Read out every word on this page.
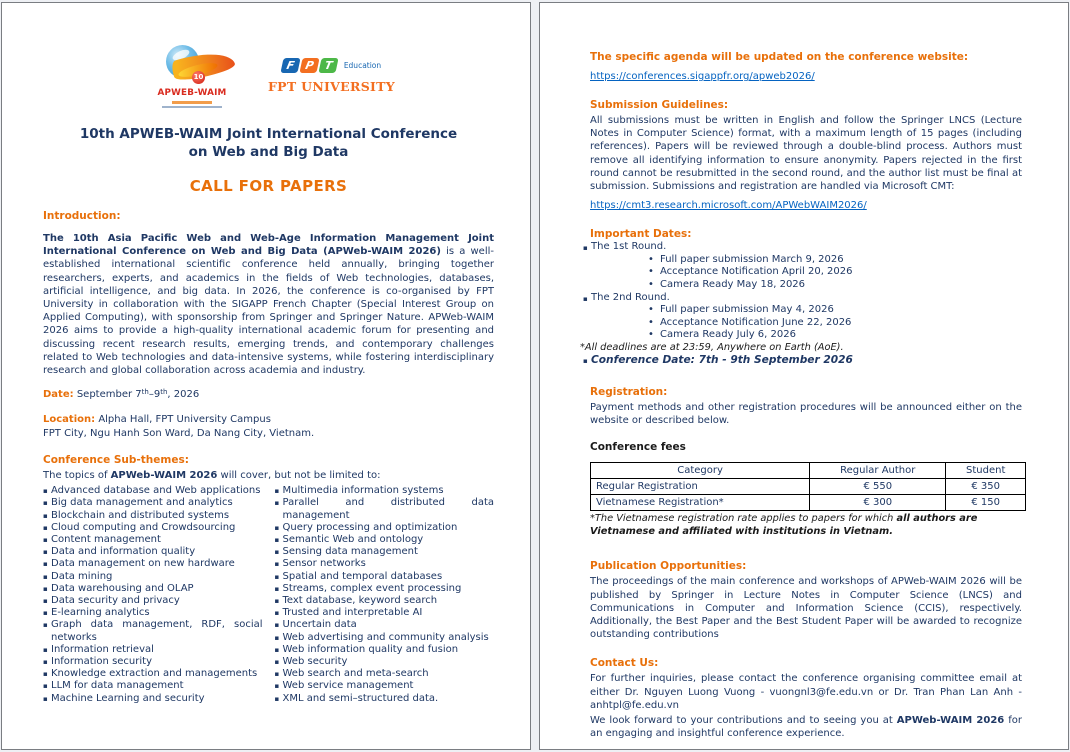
10
APWEB-WAIM
F P T	Education
FPT UNIVERSITY
10th APWEB-WAIM Joint International Conference
on Web and Big Data
CALL FOR PAPERS
Introduction:

The 10th Asia Pacific Web and Web-Age Information Management Joint International Conference on Web and Big Data (APWeb-WAIM 2026) is a well-established international scientific conference held annually, bringing together researchers, experts, and academics in the fields of Web technologies, databases, artificial intelligence, and big data. In 2026, the conference is co-organised by FPT University in collaboration with the SIGAPP French Chapter (Special Interest Group on Applied Computing), with sponsorship from Springer and Springer Nature. APWeb-WAIM 2026 aims to provide a high-quality international academic forum for presenting and discussing recent research results, emerging trends, and contemporary challenges related to Web technologies and data-intensive systems, while fostering interdisciplinary research and global collaboration across academia and industry.

Date: September 7th–9th, 2026
Location: Alpha Hall, FPT University Campus
FPT City, Ngu Hanh Son Ward, Da Nang City, Vietnam.
Conference Sub-themes:
The topics of APWeb-WAIM 2026 will cover, but not be limited to:
▪ Advanced database and Web applications
▪ Big data management and analytics
▪ Blockchain and distributed systems
▪ Cloud computing and Crowdsourcing
▪ Content management
▪ Data and information quality
▪ Data management on new hardware
▪ Data mining
▪ Data warehousing and OLAP
▪ Data security and privacy
▪ E-learning analytics
▪ Graph data management, RDF, social networks
▪ Information retrieval
▪ Information security
▪ Knowledge extraction and managements
▪ LLM for data management
▪ Machine Learning and security
▪ Multimedia information systems
▪ Parallel and distributed data management
▪ Query processing and optimization
▪ Semantic Web and ontology
▪ Sensing data management
▪ Sensor networks
▪ Spatial and temporal databases
▪ Streams, complex event processing
▪ Text database, keyword search
▪ Trusted and interpretable AI
▪ Uncertain data
▪ Web advertising and community analysis
▪ Web information quality and fusion
▪ Web security
▪ Web search and meta-search
▪ Web service management
▪ XML and semi–structured data.
The specific agenda will be updated on the conference website:
https://conferences.sigappfr.org/apweb2026/
Submission Guidelines:

All submissions must be written in English and follow the Springer LNCS (Lecture Notes in Computer Science) format, with a maximum length of 15 pages (including references). Papers will be reviewed through a double-blind process. Authors must remove all identifying information to ensure anonymity. Papers rejected in the first round cannot be resubmitted in the second round, and the author list must be final at submission. Submissions and registration are handled via Microsoft CMT:

https://cmt3.research.microsoft.com/APWebWAIM2026/
Important Dates:
▪ The 1st Round.
• Full paper submission March 9, 2026
• Acceptance Notification April 20, 2026
• Camera Ready May 18, 2026
▪ The 2nd Round.
• Full paper submission May 4, 2026
• Acceptance Notification June 22, 2026
• Camera Ready July 6, 2026
*All deadlines are at 23:59, Anywhere on Earth (AoE).
▪ Conference Date: 7th - 9th September 2026
Registration:

Payment methods and other registration procedures will be announced either on the website or described below.

Conference fees
Category	Regular Author	Student
Regular Registration	€ 550	€ 350
Vietnamese Registration*	€ 300	€ 150
*The Vietnamese registration rate applies to papers for which all authors are Vietnamese and affiliated with institutions in Vietnam.
Publication Opportunities:

The proceedings of the main conference and workshops of APWeb-WAIM 2026 will be published by Springer in Lecture Notes in Computer Science (LNCS) and Communications in Computer and Information Science (CCIS), respectively. Additionally, the Best Paper and the Best Student Paper will be awarded to recognize outstanding contributions

Contact Us:

For further inquiries, please contact the conference organising committee email at either Dr. Nguyen Luong Vuong - vuongnl3@fe.edu.vn or Dr. Tran Phan Lan Anh - anhtpl@fe.edu.vn

We look forward to your contributions and to seeing you at APWeb-WAIM 2026 for an engaging and insightful conference experience.
